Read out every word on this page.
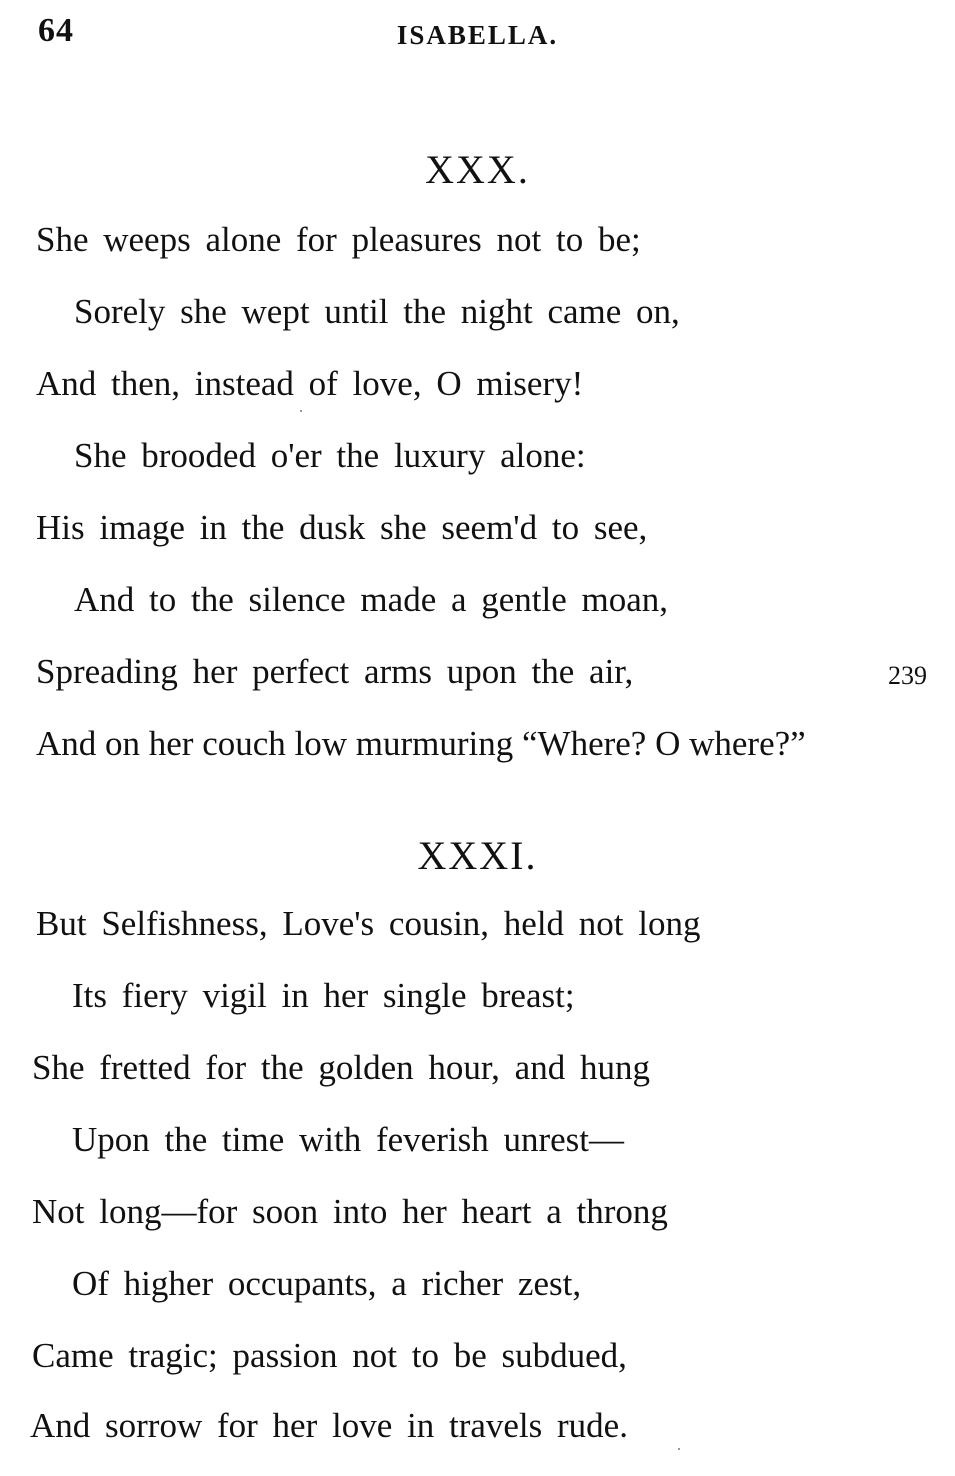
64	ISABELLA.
XXX.
She weeps alone for pleasures not to be;
Sorely she wept until the night came on,
And then, instead of love, O misery!
She brooded o'er the luxury alone:
His image in the dusk she seem'd to see,
And to the silence made a gentle moan,
Spreading her perfect arms upon the air,	239
And on her couch low murmuring “Where? O where?”
XXXI.
But Selfishness, Love's cousin, held not long
Its fiery vigil in her single breast;
She fretted for the golden hour, and hung
Upon the time with feverish unrest—
Not long—for soon into her heart a throng
Of higher occupants, a richer zest,
Came tragic; passion not to be subdued,
And sorrow for her love in travels rude.
